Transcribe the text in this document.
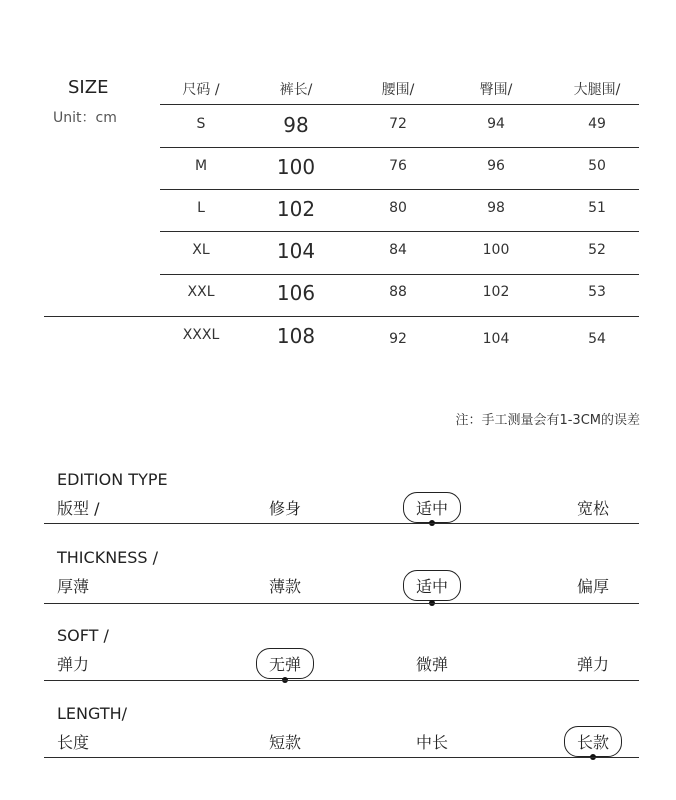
SIZE
Unit：cm
尺码 /	裤长/	腰围/	臀围/	大腿围/
S	98	72	94	49
M	100	76	96	50
L	102	80	98	51
XL	104	84	100	52
XXL	106	88	102	53
XXXL	108	92	104	54
注：手工测量会有1-3CM的误差
EDITION TYPE
版型 /	修身	适中	宽松
THICKNESS /
厚薄	薄款	适中	偏厚
SOFT /
弹力	无弹	微弹	弹力
LENGTH/
长度	短款	中长	长款
